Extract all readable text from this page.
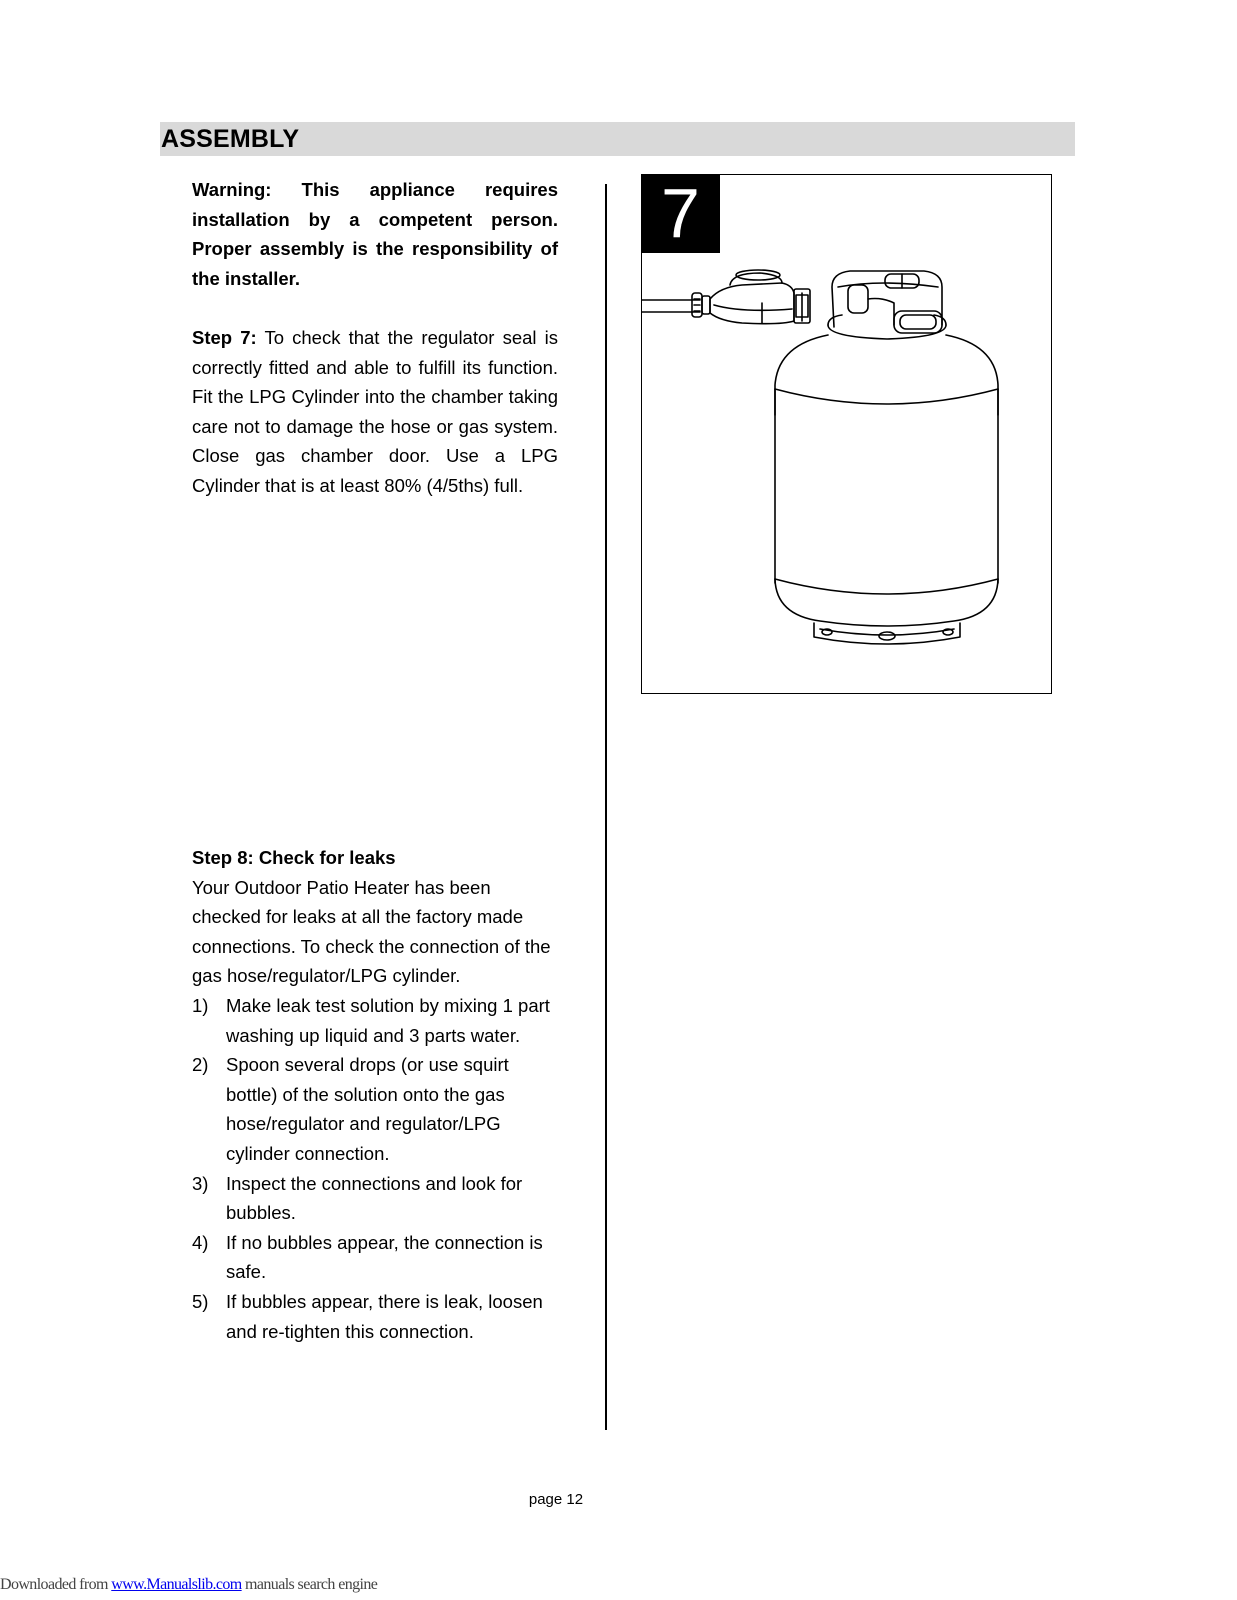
ASSEMBLY
Warning: This appliance requires installation by a competent person. Proper assembly is the responsibility of the installer.
Step 7: To check that the regulator seal is correctly fitted and able to fulfill its function. Fit the LPG Cylinder into the chamber taking care not to damage the hose or gas system. Close gas chamber door. Use a LPG Cylinder that is at least 80% (4/5ths) full.
Step 8: Check for leaks
Your Outdoor Patio Heater has been checked for leaks at all the factory made connections. To check the connection of the gas hose/regulator/LPG cylinder.
1) Make leak test solution by mixing 1 part washing up liquid and 3 parts water.
2) Spoon several drops (or use squirt bottle) of the solution onto the gas hose/regulator and regulator/LPG cylinder connection.
3) Inspect the connections and look for bubbles.
4) If no bubbles appear, the connection is safe.
5) If bubbles appear, there is leak, loosen and re-tighten this connection.
7
page 12
Downloaded from www.Manualslib.com manuals search engine
